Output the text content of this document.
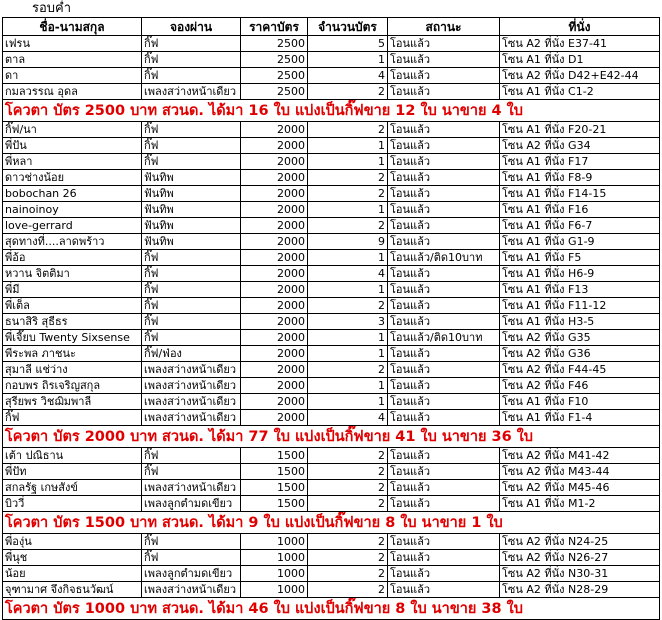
รอบค่ำ
ชื่อ-นามสกุล	จองผ่าน	ราคาบัตร	จำนวนบัตร	สถานะ	ที่นั่ง
เฟรน	กิ๊ฟ	2500	5	โอนแล้ว	โซน A2 ที่นั่ง E37-41
ตาล	กิ๊ฟ	2500	1	โอนแล้ว	โซน A1 ที่นั่ง D1
ดา	กิ๊ฟ	2500	4	โอนแล้ว	โซน A2 ที่นั่ง D42+E42-44
กมลวรรณ อุดล	เพลงสว่างหน้าเดียว	2500	2	โอนแล้ว	โซน A1 ที่นั่ง C1-2
โควตา บัตร 2500 บาท สวนด. ได้มา 16 ใบ แบ่งเป็นกิ๊ฟขาย 12 ใบ นาขาย 4 ใบ					
กิ๊ฟ/นา	กิ๊ฟ	2000	2	โอนแล้ว	โซน A1 ที่นั่ง F20-21
พี่ปัน	กิ๊ฟ	2000	1	โอนแล้ว	โซน A2 ที่นั่ง G34
พี่หลา	กิ๊ฟ	2000	1	โอนแล้ว	โซน A1 ที่นั่ง F17
ดาวช่างน้อย	ฟันทิพ	2000	2	โอนแล้ว	โซน A1 ที่นั่ง F8-9
bobochan 26	ฟันทิพ	2000	2	โอนแล้ว	โซน A1 ที่นั่ง F14-15
nainoinoy	ฟันทิพ	2000	1	โอนแล้ว	โซน A1 ที่นั่ง F16
love-gerrard	ฟันทิพ	2000	2	โอนแล้ว	โซน A1 ที่นั่ง F6-7
สุดทางที่....ลาดพร้าว	ฟันทิพ	2000	9	โอนแล้ว	โซน A1 ที่นั่ง G1-9
พี่อ้อ	กิ๊ฟ	2000	1	โอนแล้ว/ติด10บาท	โซน A1 ที่นั่ง F5
หวาน จิตติมา	กิ๊ฟ	2000	4	โอนแล้ว	โซน A1 ที่นั่ง H6-9
พี่มี	กิ๊ฟ	2000	1	โอนแล้ว	โซน A1 ที่นั่ง F13
พี่เต็ล	กิ๊ฟ	2000	2	โอนแล้ว	โซน A1 ที่นั่ง F11-12
ธนาสิริ สุธีธร	กิ๊ฟ	2000	3	โอนแล้ว	โซน A1 ที่นั่ง H3-5
พี่เจี๊ยบ Twenty Sixsense	กิ๊ฟ	2000	1	โอนแล้ว/ติด10บาท	โซน A2 ที่นั่ง G35
พีระพล ภาชนะ	กิ๊ฟ/ฟ่อง	2000	1	โอนแล้ว	โซน A2 ที่นั่ง G36
สุมาลี แช่ว่าง	เพลงสว่างหน้าเดียว	2000	2	โอนแล้ว	โซน A2 ที่นั่ง F44-45
กอบพร ถิรเจริญสกุล	เพลงสว่างหน้าเดียว	2000	1	โอนแล้ว	โซน A2 ที่นั่ง F46
สุรียพร วิชฌิมพาลี	เพลงสว่างหน้าเดียว	2000	1	โอนแล้ว	โซน A1 ที่นั่ง F10
กิ๊ฟ	เพลงสว่างหน้าเดียว	2000	4	โอนแล้ว	โซน A1 ที่นั่ง F1-4
โควตา บัตร 2000 บาท สวนด. ได้มา 77 ใบ แบ่งเป็นกิ๊ฟขาย 41 ใบ นาขาย 36 ใบ					
เต้า ปณิธาน	กิ๊ฟ	1500	2	โอนแล้ว	โซน A2 ที่นั่ง M41-42
พี่ปัท	กิ๊ฟ	1500	2	โอนแล้ว	โซน A2 ที่นั่ง M43-44
สกลรัฐ เกษสังข์	เพลงสว่างหน้าเดียว	1500	2	โอนแล้ว	โซน A2 ที่นั่ง M45-46
บิววี่	เพลงลูกตำมดเขียว	1500	2	โอนแล้ว	โซน A1 ที่นั่ง M1-2
โควตา บัตร 1500 บาท สวนด. ได้มา 9 ใบ แบ่งเป็นกิ๊ฟขาย 8 ใบ นาขาย 1 ใบ					
พี่องุ่น	กิ๊ฟ	1000	2	โอนแล้ว	โซน A2 ที่นั่ง N24-25
พี่นุช	กิ๊ฟ	1000	2	โอนแล้ว	โซน A2 ที่นั่ง N26-27
น้อย	เพลงลูกตำมดเขียว	1000	2	โอนแล้ว	โซน A2 ที่นั่ง N30-31
จุฑามาศ จึงกิจธนวัฒน์	เพลงสว่างหน้าเดียว	1000	2	โอนแล้ว	โซน A2 ที่นั่ง N28-29
โควตา บัตร 1000 บาท สวนด. ได้มา 46 ใบ แบ่งเป็นกิ๊ฟขาย 8 ใบ นาขาย 38 ใบ					
